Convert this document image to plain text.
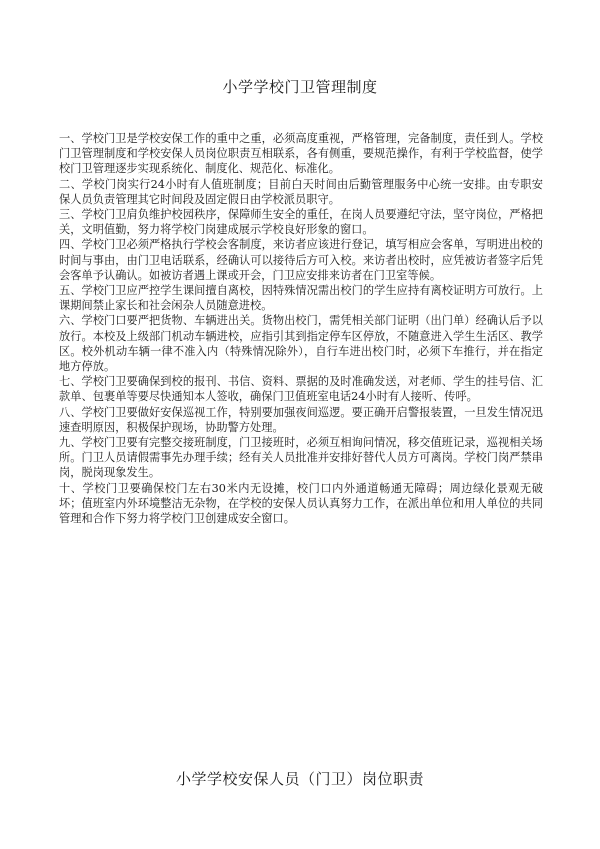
小学学校门卫管理制度

一、学校门卫是学校安保工作的重中之重，必须高度重视，严格管理，完备制度，责任到人。学校门卫管理制度和学校安保人员岗位职责互相联系，各有侧重，要规范操作，有利于学校监督，使学校门卫管理逐步实现系统化、制度化、规范化、标准化。

二、学校门岗实行24小时有人值班制度；目前白天时间由后勤管理服务中心统一安排。由专职安保人员负责管理其它时间段及固定假日由学校派员职守。

三、学校门卫肩负维护校园秩序，保障师生安全的重任，在岗人员要遵纪守法，坚守岗位，严格把关，文明值勤，努力将学校门岗建成展示学校良好形象的窗口。

四、学校门卫必须严格执行学校会客制度，来访者应该进行登记，填写相应会客单，写明进出校的时间与事由，由门卫电话联系，经确认可以接待后方可入校。来访者出校时，应凭被访者签字后凭会客单予认确认。如被访者遇上课或开会，门卫应安排来访者在门卫室等候。

五、学校门卫应严控学生课间擅自离校，因特殊情况需出校门的学生应持有离校证明方可放行。上课期间禁止家长和社会闲杂人员随意进校。

六、学校门口要严把货物、车辆进出关。货物出校门，需凭相关部门证明（出门单）经确认后予以放行。本校及上级部门机动车辆进校，应指引其到指定停车区停放，不随意进入学生生活区、教学区。校外机动车辆一律不准入内（特殊情况除外），自行车进出校门时，必须下车推行，并在指定地方停放。

七、学校门卫要确保到校的报刊、书信、资料、票据的及时准确发送，对老师、学生的挂号信、汇款单、包裹单等要尽快通知本人签收，确保门卫值班室电话24小时有人接听、传呼。

八、学校门卫要做好安保巡视工作，特别要加强夜间巡逻。要正确开启警报装置，一旦发生情况迅速查明原因，积极保护现场，协助警方处理。

九、学校门卫要有完整交接班制度，门卫接班时，必须互相询问情况，移交值班记录，巡视相关场所。门卫人员请假需事先办理手续；经有关人员批准并安排好替代人员方可离岗。学校门岗严禁串岗，脱岗现象发生。

十、学校门卫要确保校门左右30米内无设摊，校门口内外通道畅通无障碍；周边绿化景观无破坏；值班室内外环境整洁无杂物，在学校的安保人员认真努力工作，在派出单位和用人单位的共同管理和合作下努力将学校门卫创建成安全窗口。

小学学校安保人员（门卫）岗位职责
